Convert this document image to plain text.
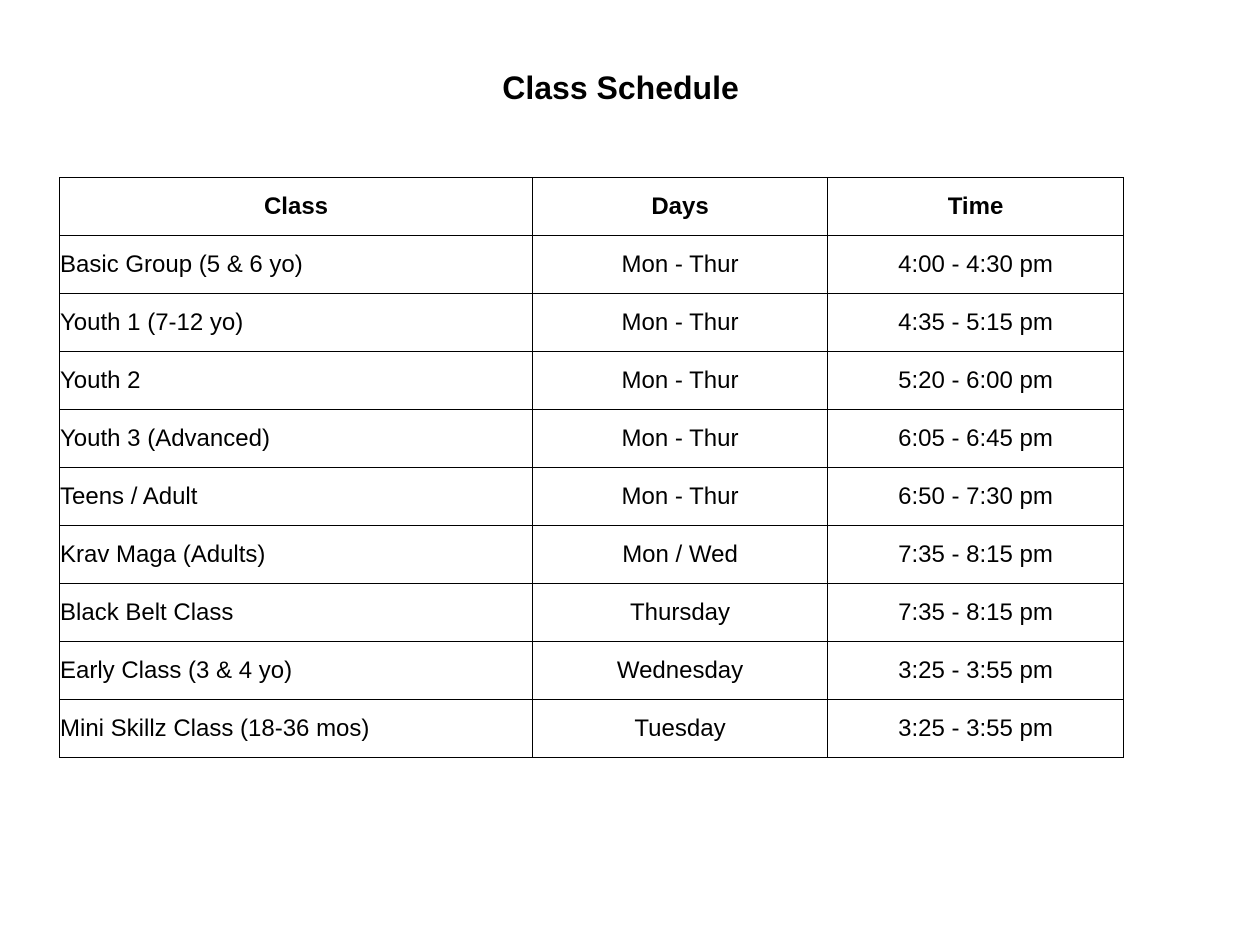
Class Schedule
Class	Days	Time
Basic Group (5 & 6 yo)	Mon - Thur	4:00 - 4:30 pm
Youth 1 (7-12 yo)	Mon - Thur	4:35 - 5:15 pm
Youth 2	Mon - Thur	5:20 - 6:00 pm
Youth 3 (Advanced)	Mon - Thur	6:05 - 6:45 pm
Teens / Adult	Mon - Thur	6:50 - 7:30 pm
Krav Maga (Adults)	Mon / Wed	7:35 - 8:15 pm
Black Belt Class	Thursday	7:35 - 8:15 pm
Early Class (3 & 4 yo)	Wednesday	3:25 - 3:55 pm
Mini Skillz Class (18-36 mos)	Tuesday	3:25 - 3:55 pm
